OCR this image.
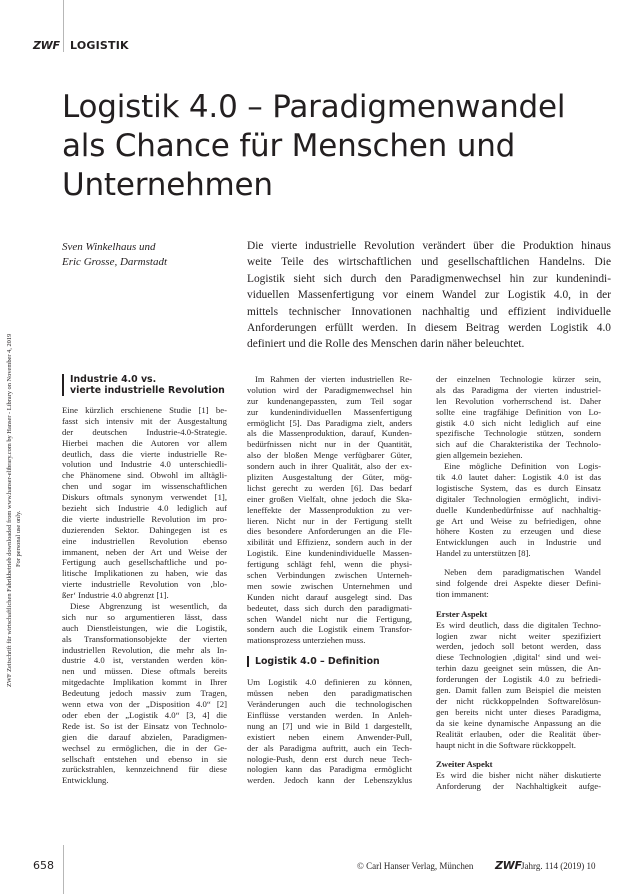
ZWF LOGISTIK
ZWF Zeitschrift für wirtschaftlichen Fabrikbetrieb downloaded from www.hanser-elibrary.com by Hanser - Library on November 4, 2019 For personal use only.
Logistik 4.0 – Paradigmenwandel
als Chance für Menschen und
Unternehmen
Sven Winkelhaus und
Eric Grosse, Darmstadt
Die vierte industrielle Revolution verändert über die Produktion hinaus
weite Teile des wirtschaftlichen und gesellschaftlichen Handelns. Die
Logistik sieht sich durch den Paradigmenwechsel hin zur kundenindi-
viduellen Massenfertigung vor einem Wandel zur Logistik 4.0, in der
mittels technischer Innovationen nachhaltig und effizient individuelle
Anforderungen erfüllt werden. In diesem Beitrag werden Logistik 4.0
definiert und die Rolle des Menschen darin näher beleuchtet.
Industrie 4.0 vs.
vierte industrielle Revolution
Eine kürzlich erschienene Studie [1] be-
fasst sich intensiv mit der Ausgestaltung
der deutschen Industrie-4.0-Strategie.
Hierbei machen die Autoren vor allem
deutlich, dass die vierte industrielle Re-
volution und Industrie 4.0 unterschiedli-
che Phänomene sind. Obwohl im alltägli-
chen und sogar im wissenschaftlichen
Diskurs oftmals synonym verwendet [1],
bezieht sich Industrie 4.0 lediglich auf
die vierte industrielle Revolution im pro-
duzierenden Sektor. Dahingegen ist es
eine industriellen Revolution ebenso
immanent, neben der Art und Weise der
Fertigung auch gesellschaftliche und po-
litische Implikationen zu haben, wie das
vierte industrielle Revolution von ‚blo-
ßer‘ Industrie 4.0 abgrenzt [1].
Diese Abgrenzung ist wesentlich, da
sich nur so argumentieren lässt, dass
auch Dienstleistungen, wie die Logistik,
als Transformationsobjekte der vierten
industriellen Revolution, die mehr als In-
dustrie 4.0 ist, verstanden werden kön-
nen und müssen. Diese oftmals bereits
mitgedachte Implikation kommt in Ihrer
Bedeutung jedoch massiv zum Tragen,
wenn etwa von der „Disposition 4.0“ [2]
oder eben der „Logistik 4.0“ [3, 4] die
Rede ist. So ist der Einsatz von Technolo-
gien die darauf abzielen, Paradigmen-
wechsel zu ermöglichen, die in der Ge-
sellschaft entstehen und ebenso in sie
zurückstrahlen, kennzeichnend für diese
Entwicklung.
Im Rahmen der vierten industriellen Re-
volution wird der Paradigmenwechsel hin
zur kundenangepassten, zum Teil sogar
zur kundenindividuellen Massenfertigung
ermöglicht [5]. Das Paradigma zielt, anders
als die Massenproduktion, darauf, Kunden-
bedürfnissen nicht nur in der Quantität,
also der bloßen Menge verfügbarer Güter,
sondern auch in ihrer Qualität, also der ex-
pliziten Ausgestaltung der Güter, mög-
lichst gerecht zu werden [6]. Das bedarf
einer großen Vielfalt, ohne jedoch die Ska-
leneffekte der Massenproduktion zu ver-
lieren. Nicht nur in der Fertigung stellt
dies besondere Anforderungen an die Fle-
xibilität und Effizienz, sondern auch in der
Logistik. Eine kundenindividuelle Massen-
fertigung schlägt fehl, wenn die physi-
schen Verbindungen zwischen Unterneh-
men sowie zwischen Unternehmen und
Kunden nicht darauf ausgelegt sind. Das
bedeutet, dass sich durch den paradigmati-
schen Wandel nicht nur die Fertigung,
sondern auch die Logistik einem Transfor-
mationsprozess unterziehen muss.
Logistik 4.0 – Definition
Um Logistik 4.0 definieren zu können,
müssen neben den paradigmatischen
Veränderungen auch die technologischen
Einflüsse verstanden werden. In Anleh-
nung an [7] und wie in Bild 1 dargestellt,
existiert neben einem Anwender-Pull,
der als Paradigma auftritt, auch ein Tech-
nologie-Push, denn erst durch neue Tech-
nologien kann das Paradigma ermöglicht
werden. Jedoch kann der Lebenszyklus
der einzelnen Technologie kürzer sein,
als das Paradigma der vierten industriel-
len Revolution vorherrschend ist. Daher
sollte eine tragfähige Definition von Lo-
gistik 4.0 sich nicht lediglich auf eine
spezifische Technologie stützen, sondern
sich auf die Charakteristika der Technolo-
gien allgemein beziehen.
Eine mögliche Definition von Logis-
tik 4.0 lautet daher: Logistik 4.0 ist das
logistische System, das es durch Einsatz
digitaler Technologien ermöglicht, indivi-
duelle Kundenbedürfnisse auf nachhaltig-
ge Art und Weise zu befriedigen, ohne
höhere Kosten zu erzeugen und diese
Entwicklungen auch in Industrie und
Handel zu unterstützen [8].
Neben dem paradigmatischen Wandel
sind folgende drei Aspekte dieser Defini-
tion immanent:
Erster Aspekt
Es wird deutlich, dass die digitalen Techno-
logien zwar nicht weiter spezifiziert
werden, jedoch soll betont werden, dass
diese Technologien ‚digital‘ sind und wei-
terhin dazu geeignet sein müssen, die An-
forderungen der Logistik 4.0 zu befriedi-
gen. Damit fallen zum Beispiel die meisten
der nicht rückkoppelnden Softwarelösun-
gen bereits nicht unter dieses Paradigma,
da sie keine dynamische Anpassung an die
Realität erlauben, oder die Realität über-
haupt nicht in die Software rückkoppelt.
Zweiter Aspekt
Es wird die bisher nicht näher diskutierte
Anforderung der Nachhaltigkeit aufge-
658	© Carl Hanser Verlag, München ZWF Jahrg. 114 (2019) 10
